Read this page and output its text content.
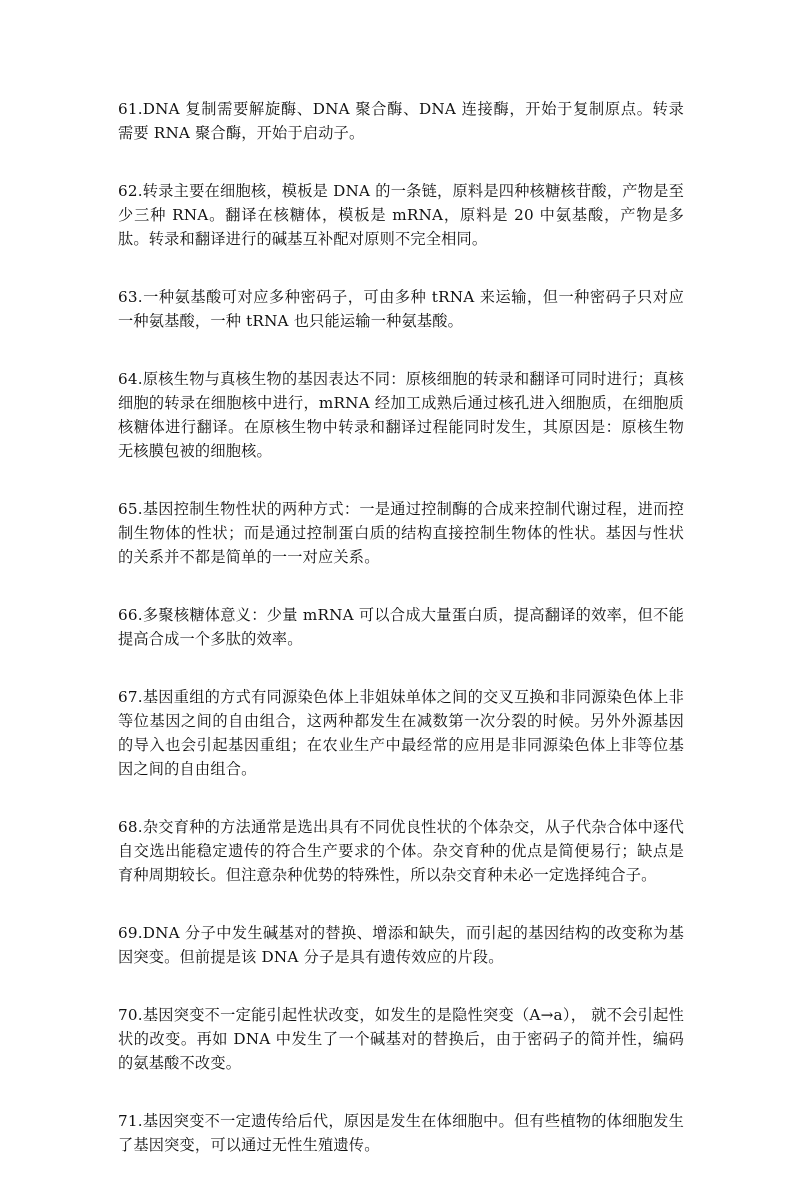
61.DNA 复制需要解旋酶、DNA 聚合酶、DNA 连接酶，开始于复制原点。转录需要 RNA 聚合酶，开始于启动子。

62.转录主要在细胞核，模板是 DNA 的一条链，原料是四种核糖核苷酸，产物是至少三种 RNA。翻译在核糖体，模板是 mRNA，原料是 20 中氨基酸，产物是多肽。转录和翻译进行的碱基互补配对原则不完全相同。

63.一种氨基酸可对应多种密码子，可由多种 tRNA 来运输，但一种密码子只对应一种氨基酸，一种 tRNA 也只能运输一种氨基酸。

64.原核生物与真核生物的基因表达不同：原核细胞的转录和翻译可同时进行；真核细胞的转录在细胞核中进行，mRNA 经加工成熟后通过核孔进入细胞质，在细胞质核糖体进行翻译。在原核生物中转录和翻译过程能同时发生，其原因是：原核生物无核膜包被的细胞核。

65.基因控制生物性状的两种方式：一是通过控制酶的合成来控制代谢过程，进而控制生物体的性状；而是通过控制蛋白质的结构直接控制生物体的性状。基因与性状的关系并不都是简单的一一对应关系。

66.多聚核糖体意义：少量 mRNA 可以合成大量蛋白质，提高翻译的效率，但不能提高合成一个多肽的效率。

67.基因重组的方式有同源染色体上非姐妹单体之间的交叉互换和非同源染色体上非等位基因之间的自由组合，这两种都发生在减数第一次分裂的时候。另外外源基因的导入也会引起基因重组；在农业生产中最经常的应用是非同源染色体上非等位基因之间的自由组合。

68.杂交育种的方法通常是选出具有不同优良性状的个体杂交，从子代杂合体中逐代自交选出能稳定遗传的符合生产要求的个体。杂交育种的优点是简便易行；缺点是育种周期较长。但注意杂种优势的特殊性，所以杂交育种未必一定选择纯合子。

69.DNA 分子中发生碱基对的替换、增添和缺失，而引起的基因结构的改变称为基因突变。但前提是该 DNA 分子是具有遗传效应的片段。

70.基因突变不一定能引起性状改变，如发生的是隐性突变（A→a）， 就不会引起性状的改变。再如 DNA 中发生了一个碱基对的替换后，由于密码子的简并性，编码的氨基酸不改变。

71.基因突变不一定遗传给后代，原因是发生在体细胞中。但有些植物的体细胞发生了基因突变，可以通过无性生殖遗传。
